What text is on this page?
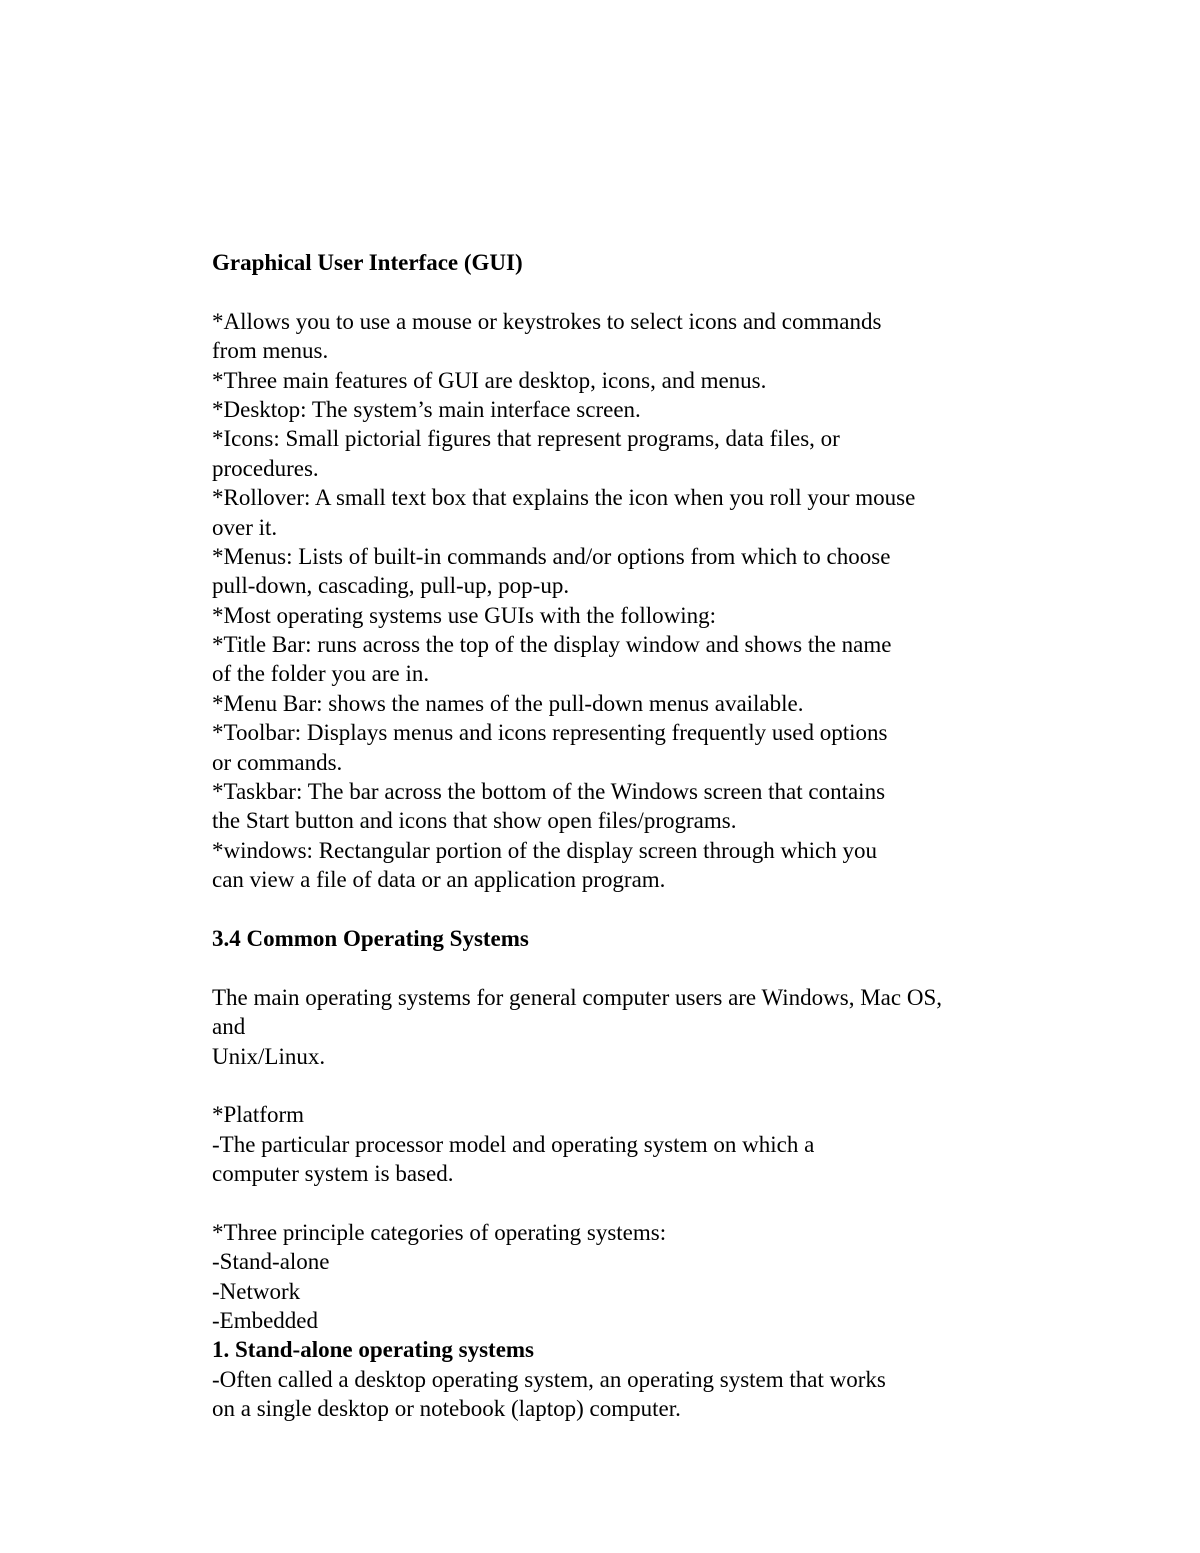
Graphical User Interface (GUI)
*Allows you to use a mouse or keystrokes to select icons and commands
from menus.
*Three main features of GUI are desktop, icons, and menus.
*Desktop: The system’s main interface screen.
*Icons: Small pictorial figures that represent programs, data files, or
procedures.
*Rollover: A small text box that explains the icon when you roll your mouse
over it.
*Menus: Lists of built-in commands and/or options from which to choose
pull-down, cascading, pull-up, pop-up.
*Most operating systems use GUIs with the following:
*Title Bar: runs across the top of the display window and shows the name
of the folder you are in.
*Menu Bar: shows the names of the pull-down menus available.
*Toolbar: Displays menus and icons representing frequently used options
or commands.
*Taskbar: The bar across the bottom of the Windows screen that contains
the Start button and icons that show open files/programs.
*windows: Rectangular portion of the display screen through which you
can view a file of data or an application program.
3.4 Common Operating Systems
The main operating systems for general computer users are Windows, Mac OS,
and
Unix/Linux.
*Platform
-The particular processor model and operating system on which a
computer system is based.
*Three principle categories of operating systems:
-Stand-alone
-Network
-Embedded
1. Stand-alone operating systems
-Often called a desktop operating system, an operating system that works
on a single desktop or notebook (laptop) computer.
